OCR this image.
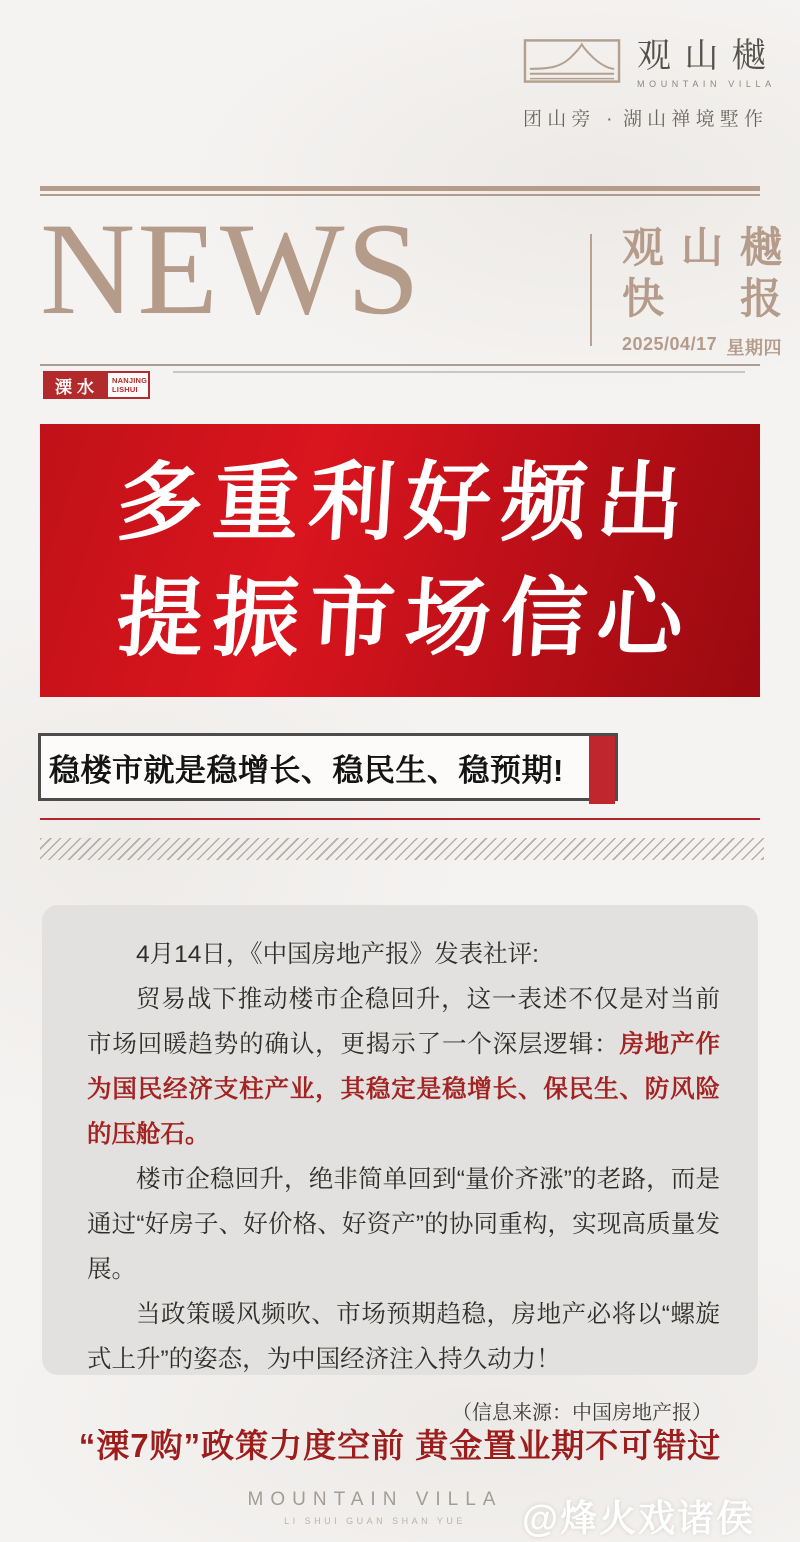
观山樾
MOUNTAIN VILLA
团山旁 · 湖山禅境墅作
NEWS	观山樾
快报
2025/04/17 星期四
溧水	NANJING
LISHUI
多重利好频出
提振市场信心
稳楼市就是稳增长、稳民生、稳预期!

4月14日，《中国房地产报》发表社评:

贸易战下推动楼市企稳回升，这一表述不仅是对当前市场回暖趋势的确认，更揭示了一个深层逻辑：房地产作为国民经济支柱产业，其稳定是稳增长、保民生、防风险的压舱石。

楼市企稳回升，绝非简单回到“量价齐涨”的老路，而是通过“好房子、好价格、好资产”的协同重构，实现高质量发展。

当政策暖风频吹、市场预期趋稳，房地产必将以“螺旋式上升”的姿态，为中国经济注入持久动力！

（信息来源：中国房地产报）

“溧7购”政策力度空前 黄金置业期不可错过
MOUNTAIN VILLA
LI SHUI GUAN SHAN YUE	@烽火戏诸侯
